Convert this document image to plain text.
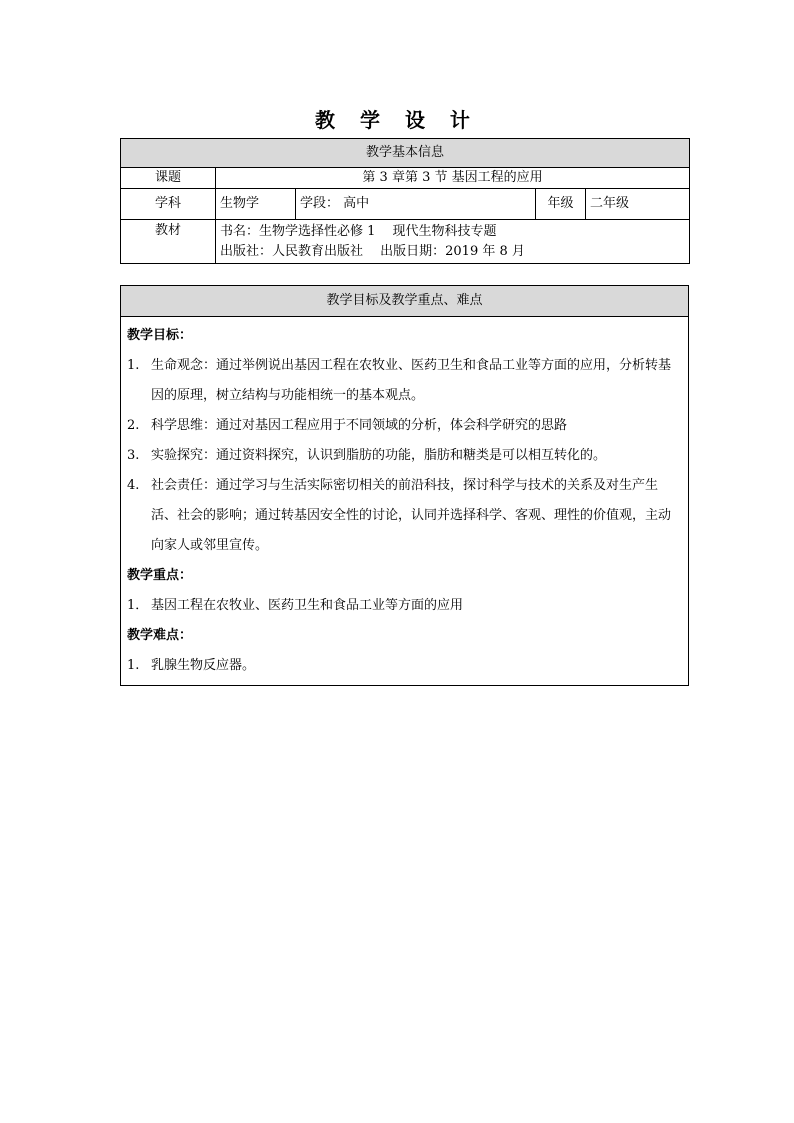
教 学 设 计
教学基本信息				
课题	第 3 章第 3 节 基因工程的应用			
学科	生物学	学段： 高中	年级	二年级
教材	书名：生物学选择性必修 1　 现代生物科技专题
出版社：人民教育出版社　 出版日期：2019 年 8 月			
教学目标及教学重点、难点

教学目标：
1. 生命观念：通过举例说出基因工程在农牧业、医药卫生和食品工业等方面的应用，分析转基因的原理，树立结构与功能相统一的基本观点。
2. 科学思维：通过对基因工程应用于不同领域的分析，体会科学研究的思路
3. 实验探究：通过资料探究，认识到脂肪的功能，脂肪和糖类是可以相互转化的。
4. 社会责任：通过学习与生活实际密切相关的前沿科技，探讨科学与技术的关系及对生产生活、社会的影响；通过转基因安全性的讨论，认同并选择科学、客观、理性的价值观，主动向家人或邻里宣传。
教学重点：
1． 基因工程在农牧业、医药卫生和食品工业等方面的应用
教学难点：
1. 乳腺生物反应器。
